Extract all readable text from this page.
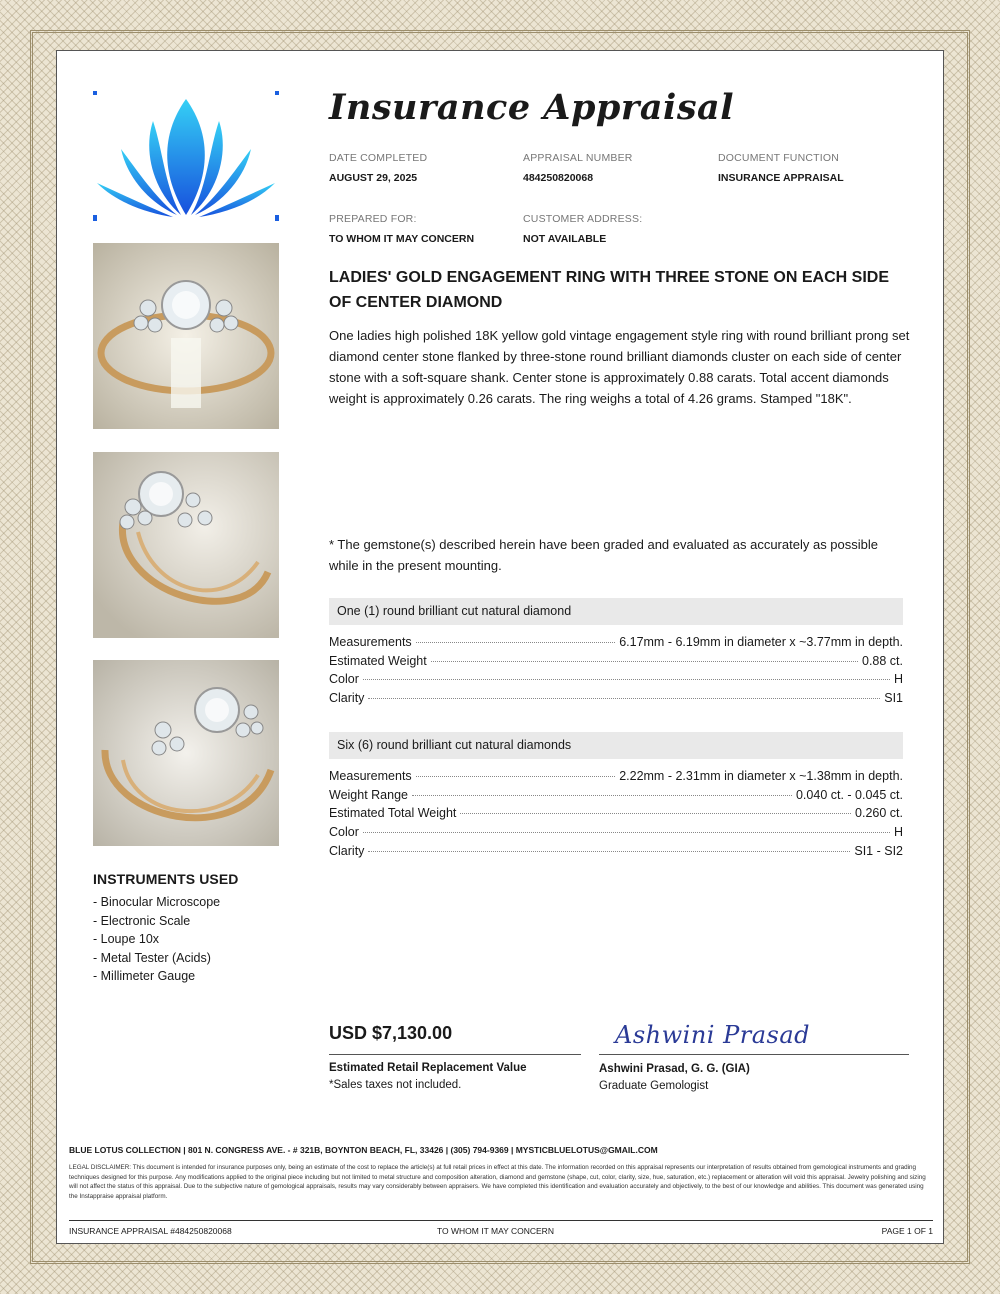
INSTRUMENTS USED
- Binocular Microscope
- Electronic Scale
- Loupe 10x
- Metal Tester (Acids)
- Millimeter Gauge
Insurance Appraisal
DATE COMPLETED
AUGUST 29, 2025
APPRAISAL NUMBER
484250820068
DOCUMENT FUNCTION
INSURANCE APPRAISAL
PREPARED FOR:
TO WHOM IT MAY CONCERN
CUSTOMER ADDRESS:
NOT AVAILABLE
LADIES' GOLD ENGAGEMENT RING WITH THREE STONE ON EACH SIDE OF CENTER DIAMOND
One ladies high polished 18K yellow gold vintage engagement style ring with round brilliant prong set diamond center stone flanked by three-stone round brilliant diamonds cluster on each side of center stone with a soft-square shank. Center stone is approximately 0.88 carats. Total accent diamonds weight is approximately 0.26 carats. The ring weighs a total of 4.26 grams. Stamped "18K".
* The gemstone(s) described herein have been graded and evaluated as accurately as possible while in the present mounting.
One (1) round brilliant cut natural diamond
Measurements	6.17mm - 6.19mm in diameter x ~3.77mm in depth.
Estimated Weight	0.88 ct.
Color	H
Clarity	SI1
Six (6) round brilliant cut natural diamonds
Measurements	2.22mm - 2.31mm in diameter x ~1.38mm in depth.
Weight Range	0.040 ct. - 0.045 ct.
Estimated Total Weight	0.260 ct.
Color	H
Clarity	SI1 - SI2
USD $7,130.00
Estimated Retail Replacement Value
*Sales taxes not included.
Ashwini Prasad
Ashwini Prasad, G. G. (GIA)
Graduate Gemologist
BLUE LOTUS COLLECTION | 801 N. CONGRESS AVE. - # 321B, BOYNTON BEACH, FL, 33426 | (305) 794-9369 | MYSTICBLUELOTUS@GMAIL.COM
LEGAL DISCLAIMER: This document is intended for insurance purposes only, being an estimate of the cost to replace the article(s) at full retail prices in effect at this date. The information recorded on this appraisal represents our interpretation of results obtained from gemological instruments and grading techniques designed for this purpose. Any modifications applied to the original piece including but not limited to metal structure and composition alteration, diamond and gemstone (shape, cut, color, clarity, size, hue, saturation, etc.) replacement or alteration will void this appraisal. Jewelry polishing and sizing will not affect the status of this appraisal. Due to the subjective nature of gemological appraisals, results may vary considerably between appraisers. We have completed this identification and evaluation accurately and objectively, to the best of our knowledge and abilities. This document was generated using the Instappraise appraisal platform.
INSURANCE APPRAISAL #484250820068	TO WHOM IT MAY CONCERN	PAGE 1 OF 1
